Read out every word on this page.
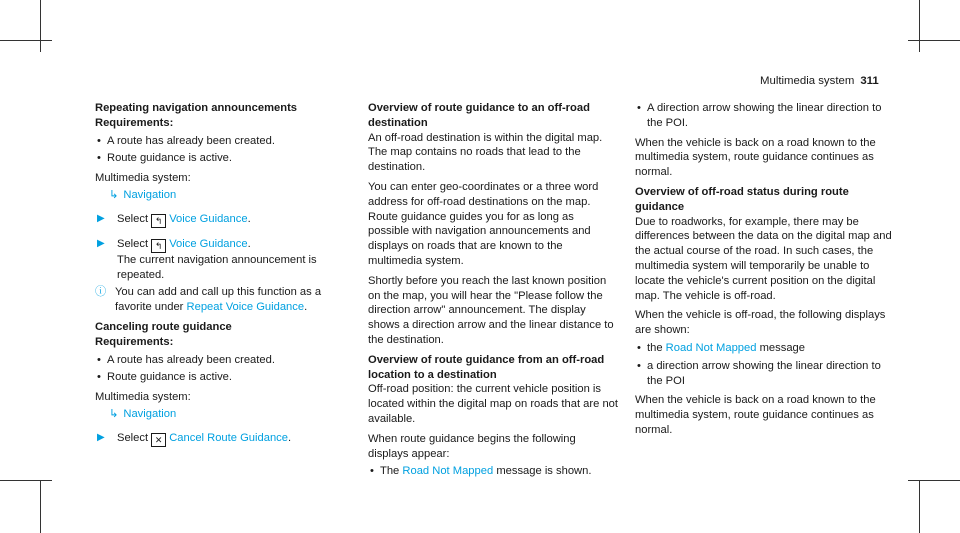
Multimedia system 311
Repeating navigation announcements
Requirements:
• A route has already been created.
• Route guidance is active.

Multimedia system:

↳ Navigation
▶ Select ↰ Voice Guidance.
▶ Select ↰ Voice Guidance.

The current navigation announcement is repeated.

ⓘ You can add and call up this function as a favorite under Repeat Voice Guidance.
Canceling route guidance
Requirements:
• A route has already been created.
• Route guidance is active.

Multimedia system:

↳ Navigation
▶ Select ✕ Cancel Route Guidance.
Overview of route guidance to an off-road destination

An off-road destination is within the digital map. The map contains no roads that lead to the destination.

You can enter geo-coordinates or a three word address for off-road destinations on the map. Route guidance guides you for as long as possible with navigation announcements and displays on roads that are known to the multimedia system.

Shortly before you reach the last known position on the map, you will hear the "Please follow the direction arrow" announcement. The display shows a direction arrow and the linear distance to the destination.

Overview of route guidance from an off-road location to a destination

Off-road position: the current vehicle position is located within the digital map on roads that are not available.

When route guidance begins the following displays appear:

• The Road Not Mapped message is shown.
• A direction arrow showing the linear direction to the POI.

When the vehicle is back on a road known to the multimedia system, route guidance continues as normal.

Overview of off-road status during route guidance

Due to roadworks, for example, there may be differences between the data on the digital map and the actual course of the road. In such cases, the multimedia system will temporarily be unable to locate the vehicle's current position on the digital map. The vehicle is off-road.

When the vehicle is off-road, the following displays are shown:

• the Road Not Mapped message
• a direction arrow showing the linear direction to the POI

When the vehicle is back on a road known to the multimedia system, route guidance continues as normal.
